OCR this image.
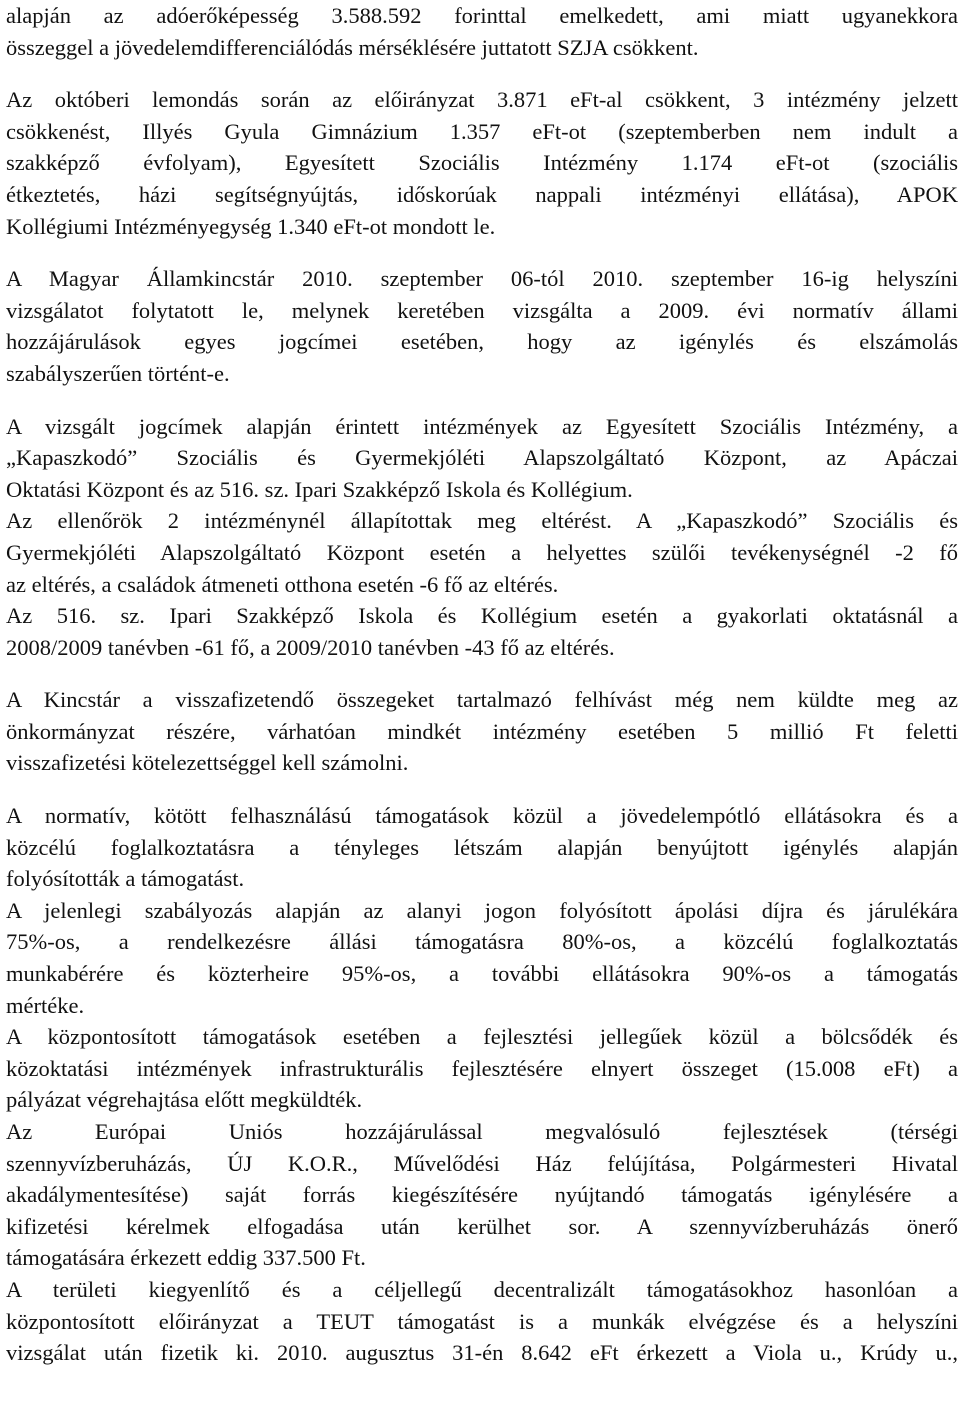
alapján az adóerőképesség 3.588.592 forinttal emelkedett, ami miatt ugyanekkora
összeggel a jövedelemdifferenciálódás mérséklésére juttatott SZJA csökkent.
Az októberi lemondás során az előirányzat 3.871 eFt-al csökkent, 3 intézmény jelzett
csökkenést, Illyés Gyula Gimnázium 1.357 eFt-ot (szeptemberben nem indult a
szakképző évfolyam), Egyesített Szociális Intézmény 1.174 eFt-ot (szociális
étkeztetés, házi segítségnyújtás, időskorúak nappali intézményi ellátása), APOK
Kollégiumi Intézményegység 1.340 eFt-ot mondott le.
A Magyar Államkincstár 2010. szeptember 06-tól 2010. szeptember 16-ig helyszíni
vizsgálatot folytatott le, melynek keretében vizsgálta a 2009. évi normatív állami
hozzájárulások egyes jogcímei esetében, hogy az igénylés és elszámolás
szabályszerűen történt-e.
A vizsgált jogcímek alapján érintett intézmények az Egyesített Szociális Intézmény, a
„Kapaszkodó” Szociális és Gyermekjóléti Alapszolgáltató Központ, az Apáczai
Oktatási Központ és az 516. sz. Ipari Szakképző Iskola és Kollégium.
Az ellenőrök 2 intézménynél állapítottak meg eltérést. A „Kapaszkodó” Szociális és
Gyermekjóléti Alapszolgáltató Központ esetén a helyettes szülői tevékenységnél -2 fő
az eltérés, a családok átmeneti otthona esetén -6 fő az eltérés.
Az 516. sz. Ipari Szakképző Iskola és Kollégium esetén a gyakorlati oktatásnál a
2008/2009 tanévben -61 fő, a 2009/2010 tanévben -43 fő az eltérés.
A Kincstár a visszafizetendő összegeket tartalmazó felhívást még nem küldte meg az
önkormányzat részére, várhatóan mindkét intézmény esetében 5 millió Ft feletti
visszafizetési kötelezettséggel kell számolni.
A normatív, kötött felhasználású támogatások közül a jövedelempótló ellátásokra és a
közcélú foglalkoztatásra a tényleges létszám alapján benyújtott igénylés alapján
folyósították a támogatást.
A jelenlegi szabályozás alapján az alanyi jogon folyósított ápolási díjra és járulékára
75%-os, a rendelkezésre állási támogatásra 80%-os, a közcélú foglalkoztatás
munkabérére és közterheire 95%-os, a további ellátásokra 90%-os a támogatás
mértéke.
A központosított támogatások esetében a fejlesztési jellegűek közül a bölcsődék és
közoktatási intézmények infrastrukturális fejlesztésére elnyert összeget (15.008 eFt) a
pályázat végrehajtása előtt megküldték.
Az Európai Uniós hozzájárulással megvalósuló fejlesztések (térségi
szennyvízberuházás, ÚJ K.O.R., Művelődési Ház felújítása, Polgármesteri Hivatal
akadálymentesítése) saját forrás kiegészítésére nyújtandó támogatás igénylésére a
kifizetési kérelmek elfogadása után kerülhet sor. A szennyvízberuházás önerő
támogatására érkezett eddig 337.500 Ft.
A területi kiegyenlítő és a céljellegű decentralizált támogatásokhoz hasonlóan a
központosított előirányzat a TEUT támogatást is a munkák elvégzése és a helyszíni
vizsgálat után fizetik ki. 2010. augusztus 31-én 8.642 eFt érkezett a Viola u., Krúdy u.,
